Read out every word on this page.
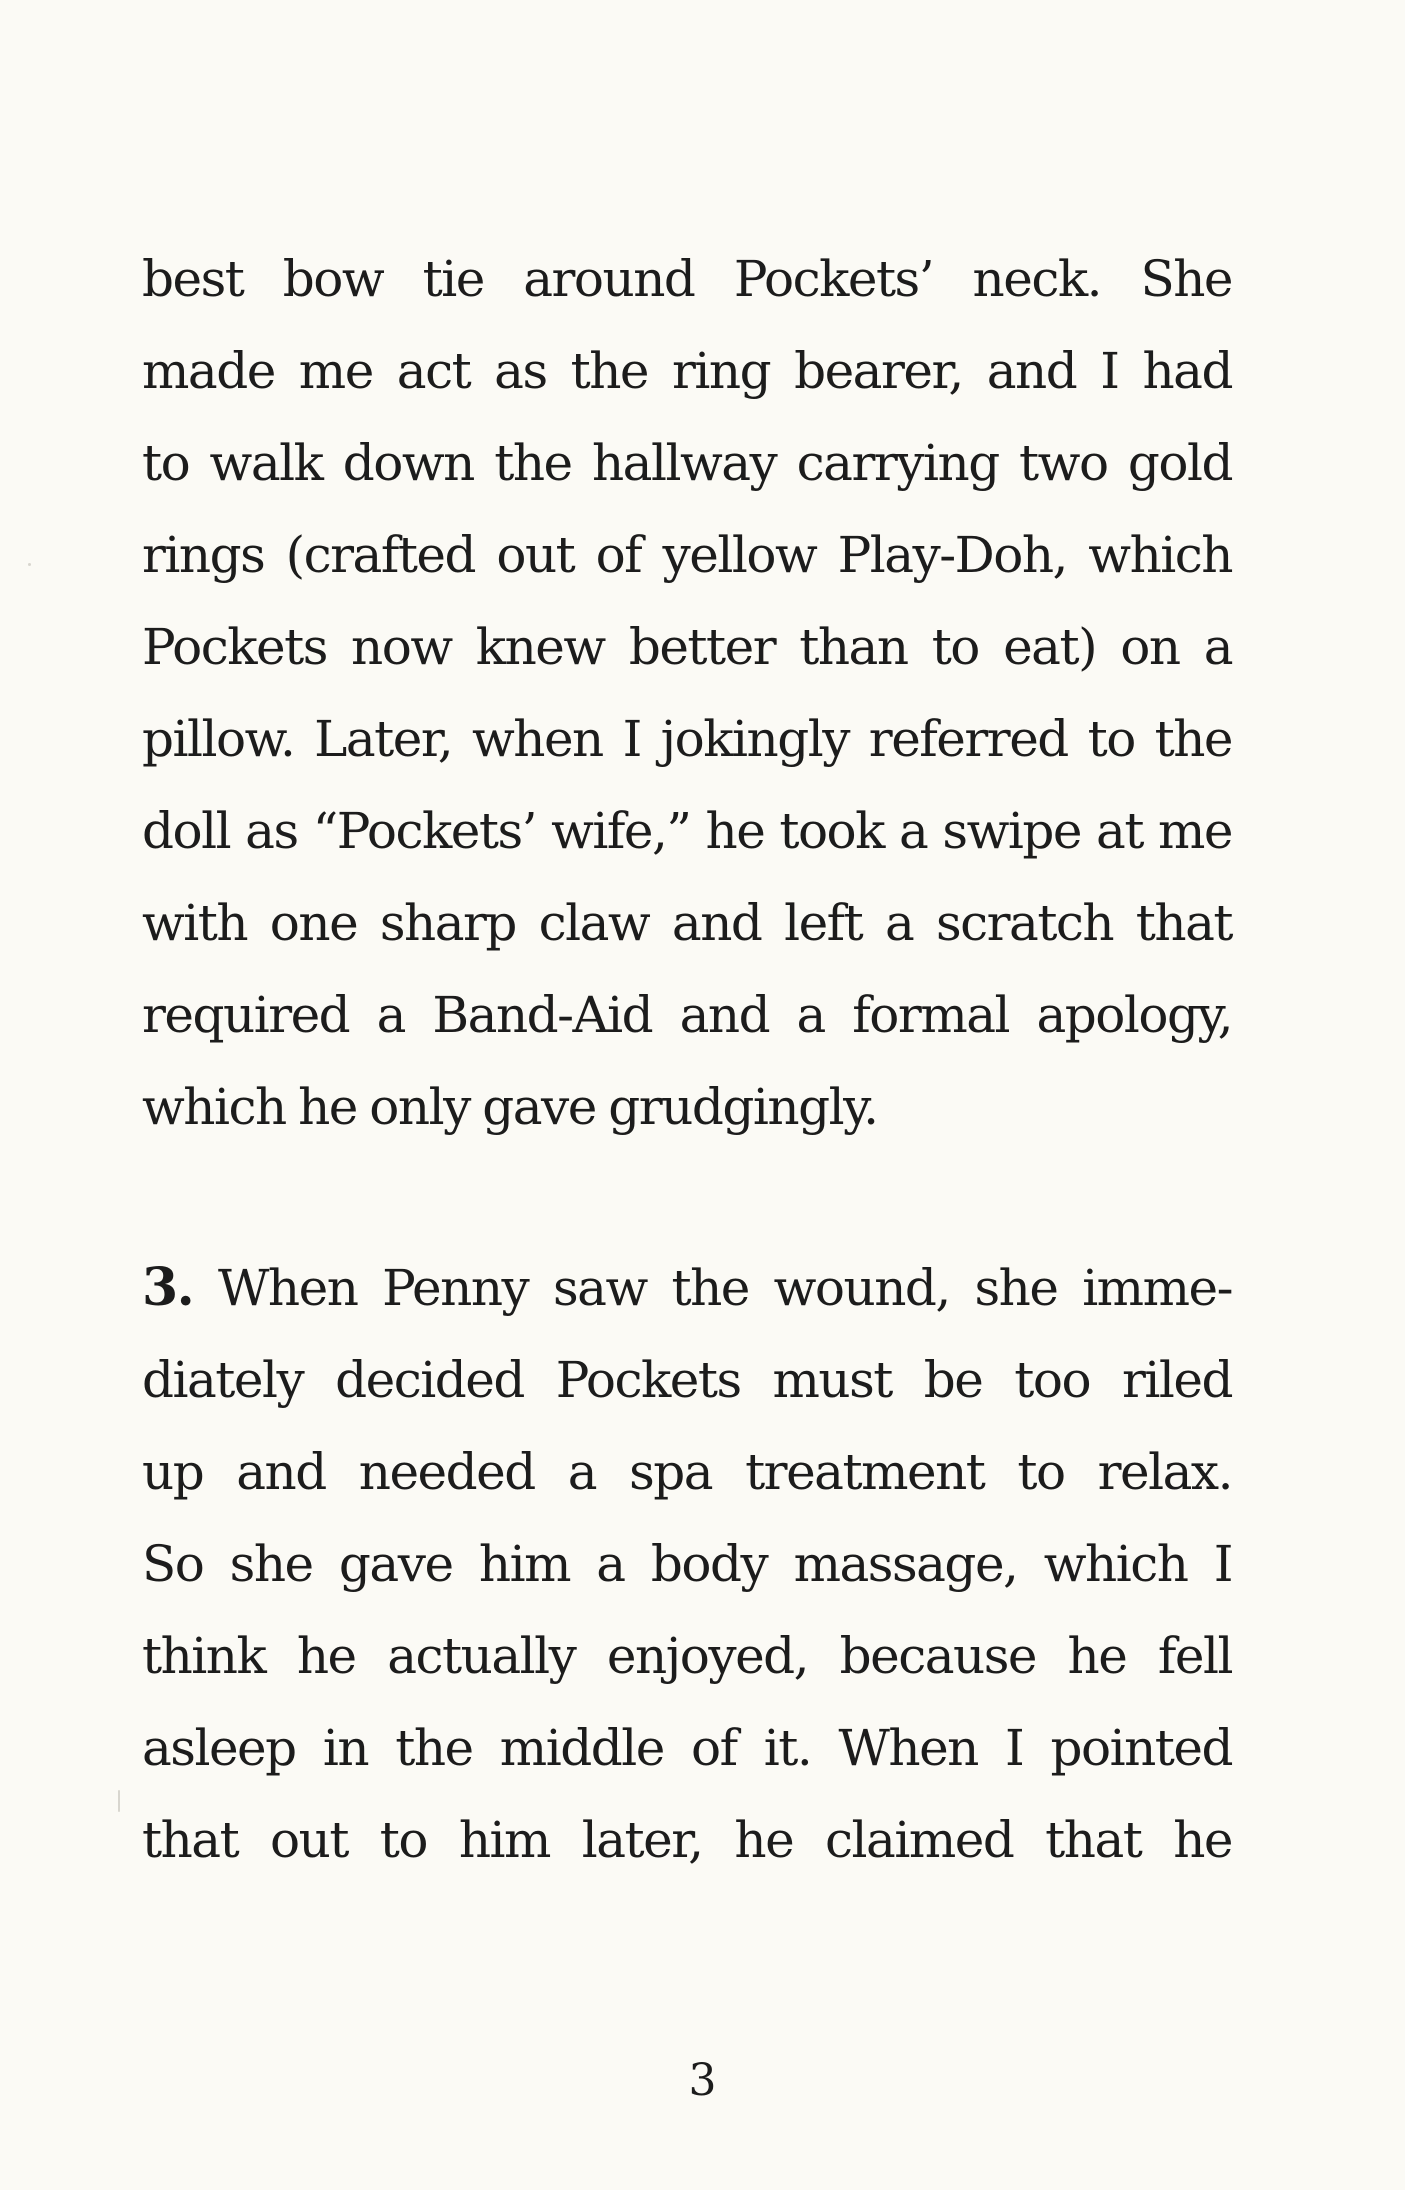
best bow tie around Pockets’ neck. She
made me act as the ring bearer, and I had
to walk down the hallway carrying two gold
rings (crafted out of yellow Play-Doh, which
Pockets now knew better than to eat) on a
pillow. Later, when I jokingly referred to the
doll as “Pockets’ wife,” he took a swipe at me
with one sharp claw and left a scratch that
required a Band-Aid and a formal apology,
which he only gave grudgingly.
3. When Penny saw the wound, she imme-
diately decided Pockets must be too riled
up and needed a spa treatment to relax.
So she gave him a body massage, which I
think he actually enjoyed, because he fell
asleep in the middle of it. When I pointed
that out to him later, he claimed that he
3
